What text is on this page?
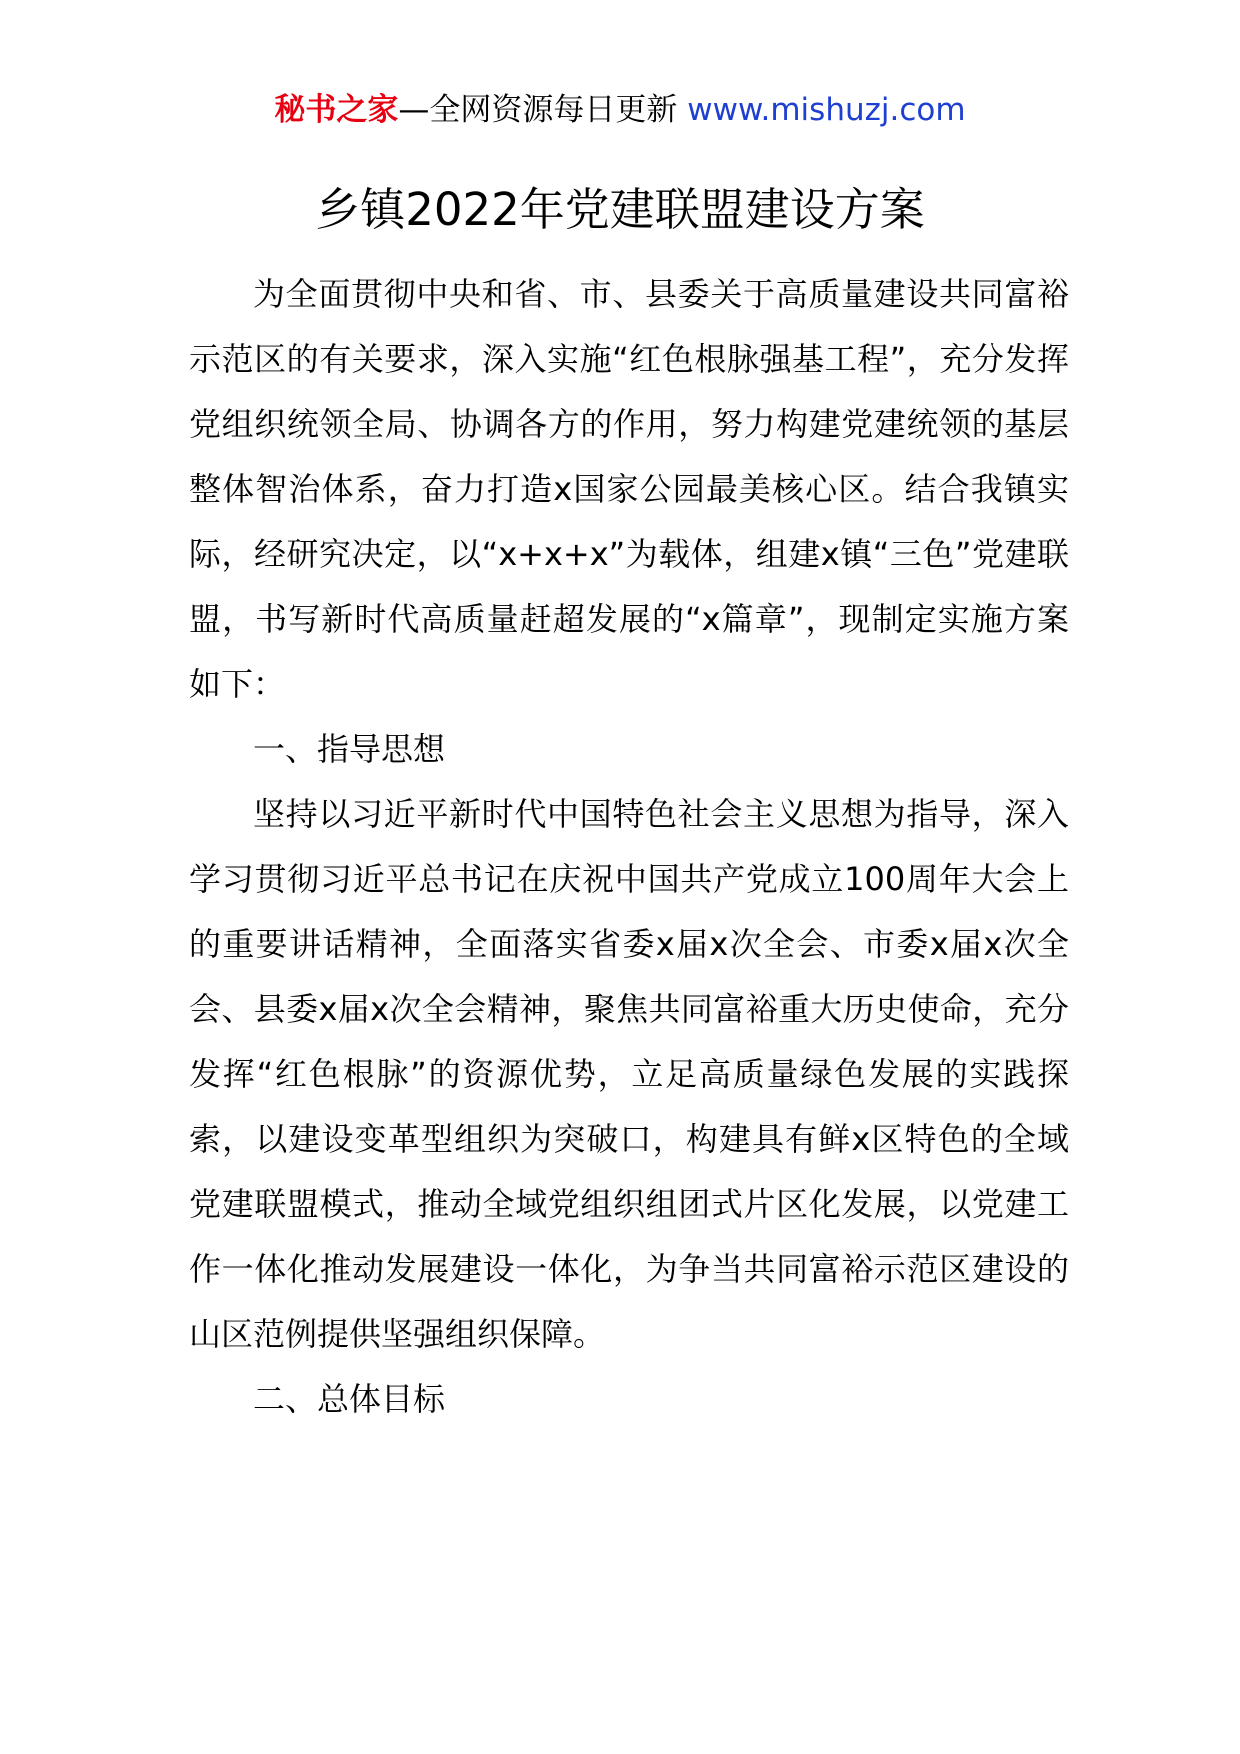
秘书之家—全网资源每日更新 www.mishuzj.com
乡镇2022年党建联盟建设方案

为全面贯彻中央和省、市、县委关于高质量建设共同富裕示范区的有关要求，深入实施“红色根脉强基工程”，充分发挥党组织统领全局、协调各方的作用，努力构建党建统领的基层整体智治体系，奋力打造x国家公园最美核心区。结合我镇实际，经研究决定，以“x+x+x”为载体，组建x镇“三色”党建联盟，书写新时代高质量赶超发展的“x篇章”，现制定实施方案如下：

一、指导思想

坚持以习近平新时代中国特色社会主义思想为指导，深入学习贯彻习近平总书记在庆祝中国共产党成立100周年大会上的重要讲话精神，全面落实省委x届x次全会、市委x届x次全会、县委x届x次全会精神，聚焦共同富裕重大历史使命，充分发挥“红色根脉”的资源优势，立足高质量绿色发展的实践探索，以建设变革型组织为突破口，构建具有鲜x区特色的全域党建联盟模式，推动全域党组织组团式片区化发展，以党建工作一体化推动发展建设一体化，为争当共同富裕示范区建设的山区范例提供坚强组织保障。

二、总体目标
